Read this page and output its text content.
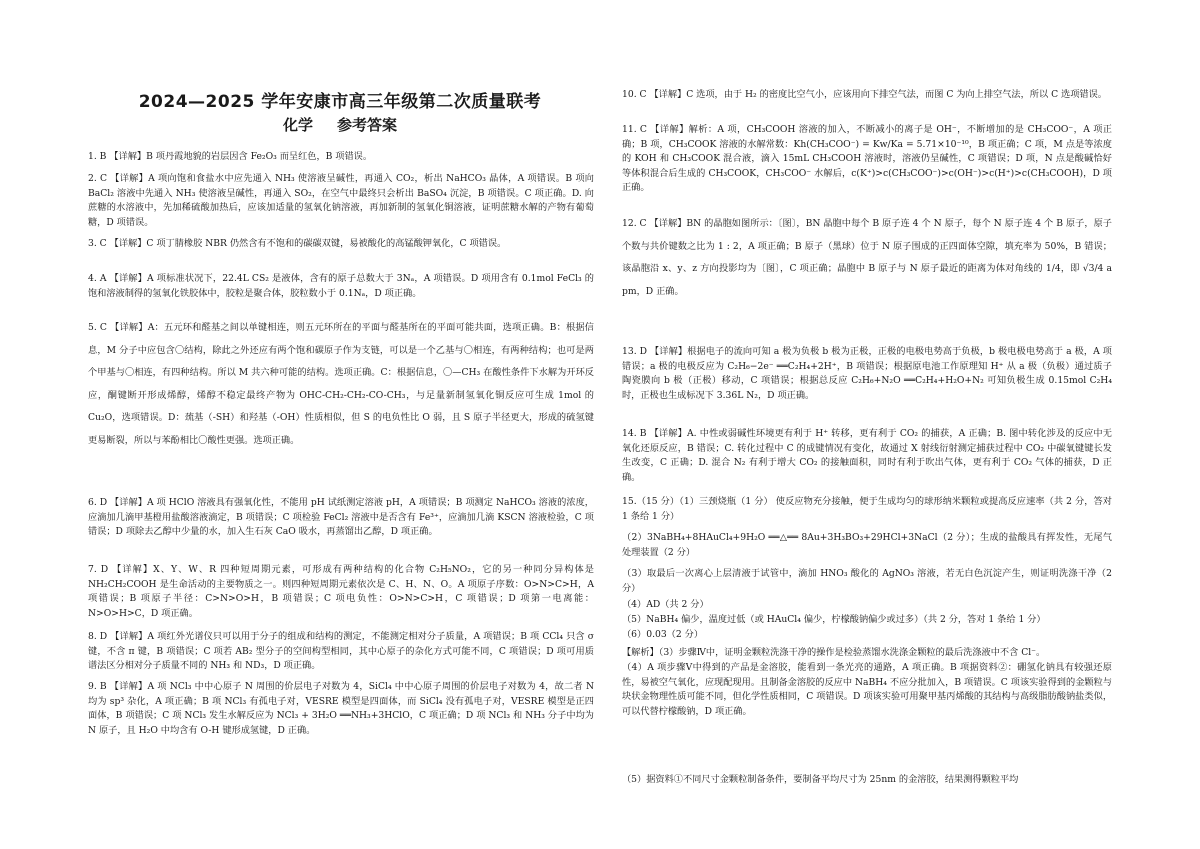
2024—2025 学年安康市高三年级第二次质量联考
化学 参考答案
1. B 【详解】B 项丹霞地貌的岩层因含 Fe₂O₃ 而呈红色，B 项错误。
2. C 【详解】A 项向饱和食盐水中应先通入 NH₃ 使溶液呈碱性，再通入 CO₂，析出 NaHCO₃ 晶体，A 项错误。B 项向 BaCl₂ 溶液中先通入 NH₃ 使溶液呈碱性，再通入 SO₂，在空气中最终只会析出 BaSO₄ 沉淀，B 项错误。C 项正确。D. 向蔗糖的水溶液中，先加稀硫酸加热后，应该加适量的氢氧化钠溶液，再加新制的氢氧化铜溶液，证明蔗糖水解的产物有葡萄糖，D 项错误。
3. C 【详解】C 项丁腈橡胶 NBR 仍然含有不饱和的碳碳双键，易被酸化的高锰酸钾氧化，C 项错误。
4. A 【详解】A 项标准状况下，22.4L CS₂ 是液体，含有的原子总数大于 3Nₐ，A 项错误。D 项用含有 0.1mol FeCl₃ 的饱和溶液制得的氢氧化铁胶体中，胶粒是聚合体，胶粒数小于 0.1Nₐ，D 项正确。
5. C 【详解】A：五元环和醛基之间以单键相连，则五元环所在的平面与醛基所在的平面可能共面，选项正确。B：根据信息，M 分子中应包含〇结构，除此之外还应有两个饱和碳原子作为支链，可以是一个乙基与〇相连，有两种结构；也可是两个甲基与〇相连，有四种结构。所以 M 共六种可能的结构。选项正确。C：根据信息，〇—CH₃ 在酸性条件下水解为开环反应，酮键断开形成烯醇，烯醇不稳定最终产物为 OHC-CH₂-CH₂-CO-CH₃，与足量新制氢氧化铜反应可生成 1mol 的 Cu₂O，选项错误。D：巯基（-SH）和羟基（-OH）性质相似，但 S 的电负性比 O 弱，且 S 原子半径更大，形成的硫氢键更易断裂，所以与苯酚相比〇酸性更强。选项正确。
6. D 【详解】A 项 HClO 溶液具有强氧化性，不能用 pH 试纸测定溶液 pH，A 项错误；B 项测定 NaHCO₃ 溶液的浓度，应滴加几滴甲基橙用盐酸溶液滴定，B 项错误；C 项检验 FeCl₂ 溶液中是否含有 Fe³⁺，应滴加几滴 KSCN 溶液检验，C 项错误；D 项除去乙醇中少量的水，加入生石灰 CaO 吸水，再蒸馏出乙醇，D 项正确。
7. D 【详解】X、Y、W、R 四种短周期元素，可形成有两种结构的化合物 C₂H₅NO₂，它的另一种同分异构体是 NH₂CH₂COOH 是生命活动的主要物质之一。则四种短周期元素依次是 C、H、N、O。A 项原子序数：O>N>C>H，A 项错误；B 项原子半径：C>N>O>H，B 项错误；C 项电负性：O>N>C>H，C 项错误；D 项第一电离能：N>O>H>C，D 项正确。
8. D 【详解】A 项红外光谱仪只可以用于分子的组成和结构的测定，不能测定相对分子质量，A 项错误；B 项 CCl₄ 只含 σ 键，不含 π 键，B 项错误；C 项若 AB₂ 型分子的空间构型相同，其中心原子的杂化方式可能不同，C 项错误；D 项可用质谱法区分相对分子质量不同的 NH₃ 和 ND₃，D 项正确。
9. B 【详解】A 项 NCl₃ 中中心原子 N 周围的价层电子对数为 4，SiCl₄ 中中心原子周围的价层电子对数为 4，故二者 N 均为 sp³ 杂化，A 项正确；B 项 NCl₃ 有孤电子对，VESRE 模型是四面体，而 SiCl₄ 没有孤电子对，VESRE 模型是正四面体，B 项错误；C 项 NCl₃ 发生水解反应为 NCl₃ + 3H₂O ══NH₃+3HClO，C 项正确；D 项 NCl₃ 和 NH₃ 分子中均为 N 原子，且 H₂O 中均含有 O-H 键形成氢键，D 正确。
10. C 【详解】C 选项，由于 H₂ 的密度比空气小，应该用向下排空气法，而图 C 为向上排空气法，所以 C 选项错误。
11. C 【详解】解析：A 项，CH₃COOH 溶液的加入，不断减小的离子是 OH⁻，不断增加的是 CH₃COO⁻，A 项正确；B 项，CH₃COOK 溶液的水解常数：Kh(CH₃COO⁻) = Kw/Ka = 5.71×10⁻¹⁰，B 项正确；C 项，M 点是等浓度的 KOH 和 CH₃COOK 混合液，滴入 15mL CH₃COOH 溶液时，溶液仍呈碱性，C 项错误；D 项，N 点是酸碱恰好等体积混合后生成的 CH₃COOK，CH₃COO⁻ 水解后，c(K⁺)>c(CH₃COO⁻)>c(OH⁻)>c(H⁺)>c(CH₃COOH)，D 项正确。
12. C 【详解】BN 的晶胞如图所示：〔图〕，BN 晶胞中每个 B 原子连 4 个 N 原子，每个 N 原子连 4 个 B 原子，原子个数与共价键数之比为 1 : 2，A 项正确；B 原子（黑球）位于 N 原子围成的正四面体空隙，填充率为 50%，B 错误；该晶胞沿 x、y、z 方向投影均为〔图〕，C 项正确；晶胞中 B 原子与 N 原子最近的距离为体对角线的 1/4，即 √3/4 a pm，D 正确。
13. D 【详解】根据电子的流向可知 a 极为负极 b 极为正极，正极的电极电势高于负极，b 极电极电势高于 a 极，A 项错误；a 极的电极反应为 C₂H₆−2e⁻ ══C₂H₄+2H⁺，B 项错误；根据原电池工作原理知 H⁺ 从 a 极（负极）通过质子陶瓷膜向 b 极（正极）移动，C 项错误；根据总反应 C₂H₆+N₂O ══C₂H₄+H₂O+N₂ 可知负极生成 0.15mol C₂H₄ 时，正极也生成标况下 3.36L N₂，D 项正确。
14. B 【详解】A. 中性或弱碱性环境更有利于 H⁺ 转移，更有利于 CO₂ 的捕获，A 正确；B. 图中转化涉及的反应中无氧化还原反应，B 错误；C. 转化过程中 C 的成键情况有变化，故通过 X 射线衍射测定捕获过程中 CO₂ 中碳氧键键长发生改变，C 正确；D. 混合 N₂ 有利于增大 CO₂ 的接触面积，同时有利于吹出气体，更有利于 CO₂ 气体的捕获，D 正确。
15.（15 分）（1）三颈烧瓶（1 分） 使反应物充分接触，便于生成均匀的球形纳米颗粒或提高反应速率（共 2 分，答对 1 条给 1 分）
（2）3NaBH₄+8HAuCl₄+9H₂O ══△══ 8Au+3H₃BO₃+29HCl+3NaCl（2 分）；生成的盐酸具有挥发性，无尾气处理装置（2 分）
（3）取最后一次离心上层清液于试管中，滴加 HNO₃ 酸化的 AgNO₃ 溶液，若无白色沉淀产生，则证明洗涤干净（2 分）
（4）AD（共 2 分）
（5）NaBH₄ 偏少，温度过低（或 HAuCl₄ 偏少，柠檬酸钠偏少或过多）（共 2 分，答对 1 条给 1 分）
（6）0.03（2 分）
【解析】（3）步骤Ⅳ中，证明金颗粒洗涤干净的操作是检验蒸馏水洗涤金颗粒的最后洗涤液中不含 Cl⁻。
（4）A 项步骤Ⅴ中得到的产品是金溶胶，能看到一条光亮的通路，A 项正确。B 项据资料②：硼氢化钠具有较强还原性，易被空气氧化，应现配现用。且制备金溶胶的反应中 NaBH₄ 不应分批加入，B 项错误。C 项该实验得到的金颗粒与块状金物理性质可能不同，但化学性质相同，C 项错误。D 项该实验可用聚甲基丙烯酸的其结构与高级脂肪酸钠盐类似，可以代替柠檬酸钠，D 项正确。
（5）据资料①不同尺寸金颗粒制备条件，要制备平均尺寸为 25nm 的金溶胶，结果测得颗粒平均
